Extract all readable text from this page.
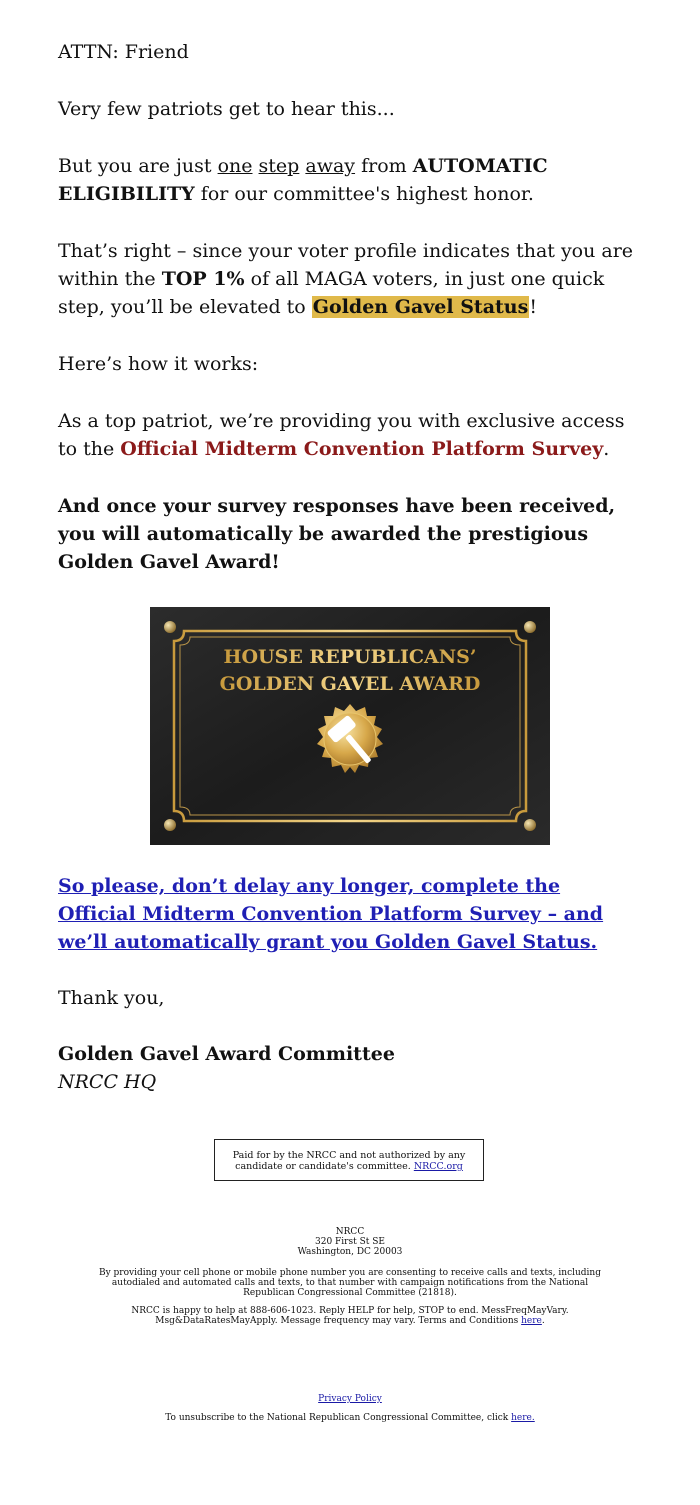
ATTN: Friend

Very few patriots get to hear this...

But you are just one step away from AUTOMATIC ELIGIBILITY for our committee's highest honor.

That’s right – since your voter profile indicates that you are within the TOP 1% of all MAGA voters, in just one quick step, you’ll be elevated to Golden Gavel Status!

Here’s how it works:

As a top patriot, we’re providing you with exclusive access to the Official Midterm Convention Platform Survey.

And once your survey responses have been received, you will automatically be awarded the prestigious Golden Gavel Award!

HOUSE REPUBLICANS’
GOLDEN GAVEL AWARD

So please, don’t delay any longer, complete the Official Midterm Convention Platform Survey – and we’ll automatically grant you Golden Gavel Status.

Thank you,

Golden Gavel Award Committee
NRCC HQ
Paid for by the NRCC and not authorized by any candidate or candidate's committee. NRCC.org
NRCC
320 First St SE
Washington, DC 20003
By providing your cell phone or mobile phone number you are consenting to receive calls and texts, including autodialed and automated calls and texts, to that number with campaign notifications from the National Republican Congressional Committee (21818).
NRCC is happy to help at 888-606-1023. Reply HELP for help, STOP to end. MessFreqMayVary. Msg&DataRatesMayApply. Message frequency may vary. Terms and Conditions here.
Privacy Policy
To unsubscribe to the National Republican Congressional Committee, click here.
